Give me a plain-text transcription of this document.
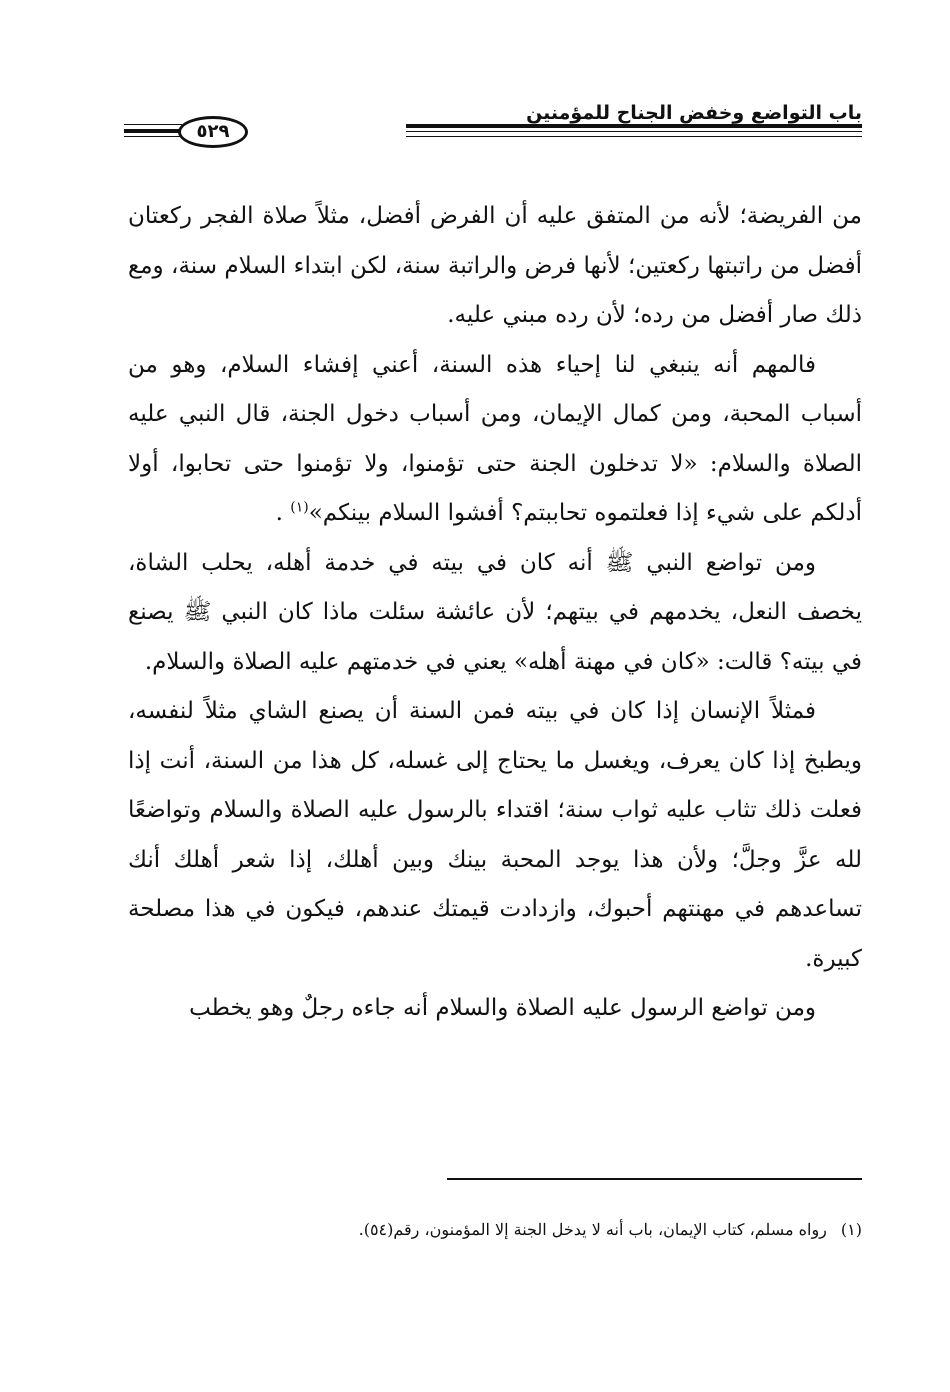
باب التواضع وخفض الجناح للمؤمنين
٥٢٩

من الفريضة؛ لأنه من المتفق عليه أن الفرض أفضل، مثلاً صلاة الفجر ركعتان أفضل من راتبتها ركعتين؛ لأنها فرض والراتبة سنة، لكن ابتداء السلام سنة، ومع ذلك صار أفضل من رده؛ لأن رده مبني عليه.

فالمهم أنه ينبغي لنا إحياء هذه السنة، أعني إفشاء السلام، وهو من أسباب المحبة، ومن كمال الإيمان، ومن أسباب دخول الجنة، قال النبي عليه الصلاة والسلام: «لا تدخلون الجنة حتى تؤمنوا، ولا تؤمنوا حتى تحابوا، أولا أدلكم على شيء إذا فعلتموه تحاببتم؟ أفشوا السلام بينكم»$^{(١)}$ .

ومن تواضع النبي ﷺ أنه كان في بيته في خدمة أهله، يحلب الشاة، يخصف النعل، يخدمهم في بيتهم؛ لأن عائشة سئلت ماذا كان النبي ﷺ يصنع في بيته؟ قالت: «كان في مهنة أهله» يعني في خدمتهم عليه الصلاة والسلام.

فمثلاً الإنسان إذا كان في بيته فمن السنة أن يصنع الشاي مثلاً لنفسه، ويطبخ إذا كان يعرف، ويغسل ما يحتاج إلى غسله، كل هذا من السنة، أنت إذا فعلت ذلك تثاب عليه ثواب سنة؛ اقتداء بالرسول عليه الصلاة والسلام وتواضعًا لله عزَّ وجلَّ؛ ولأن هذا يوجد المحبة بينك وبين أهلك، إذا شعر أهلك أنك تساعدهم في مهنتهم أحبوك، وازدادت قيمتك عندهم، فيكون في هذا مصلحة كبيرة.

ومن تواضع الرسول عليه الصلاة والسلام أنه جاءه رجلٌ وهو يخطب

(١)رواه مسلم، كتاب الإيمان، باب أنه لا يدخل الجنة إلا المؤمنون، رقم(٥٤).
